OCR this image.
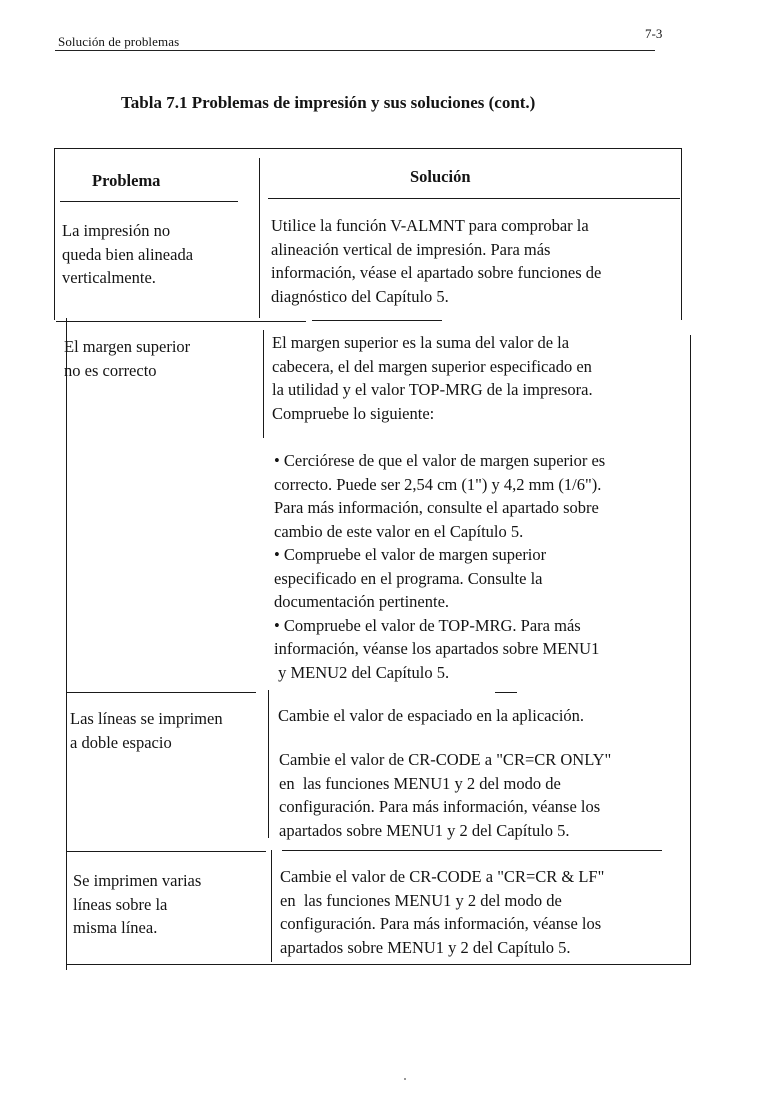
Solución de problemas
7-3
Tabla 7.1 Problemas de impresión y sus soluciones (cont.)
Problema	Solución
La impresión no
queda bien alineada
verticalmente.
Utilice la función V-ALMNT para comprobar la
alineación vertical de impresión. Para más
información, véase el apartado sobre funciones de
diagnóstico del Capítulo 5.
El margen superior
no es correcto
El margen superior es la suma del valor de la
cabecera, el del margen superior especificado en
la utilidad y el valor TOP-MRG de la impresora.
Compruebe lo siguiente:
• Cerciórese de que el valor de margen superior es
correcto. Puede ser 2,54 cm (1") y 4,2 mm (1/6").
Para más información, consulte el apartado sobre
cambio de este valor en el Capítulo 5.
• Compruebe el valor de margen superior
especificado en el programa. Consulte la
documentación pertinente.
• Compruebe el valor de TOP-MRG. Para más
información, véanse los apartados sobre MENU1
y MENU2 del Capítulo 5.
Las líneas se imprimen
a doble espacio
Cambie el valor de espaciado en la aplicación.
Cambie el valor de CR-CODE a "CR=CR ONLY"
en  las funciones MENU1 y 2 del modo de
configuración. Para más información, véanse los
apartados sobre MENU1 y 2 del Capítulo 5.
Se imprimen varias
líneas sobre la
misma línea.
Cambie el valor de CR-CODE a "CR=CR & LF"
en  las funciones MENU1 y 2 del modo de
configuración. Para más información, véanse los
apartados sobre MENU1 y 2 del Capítulo 5.
